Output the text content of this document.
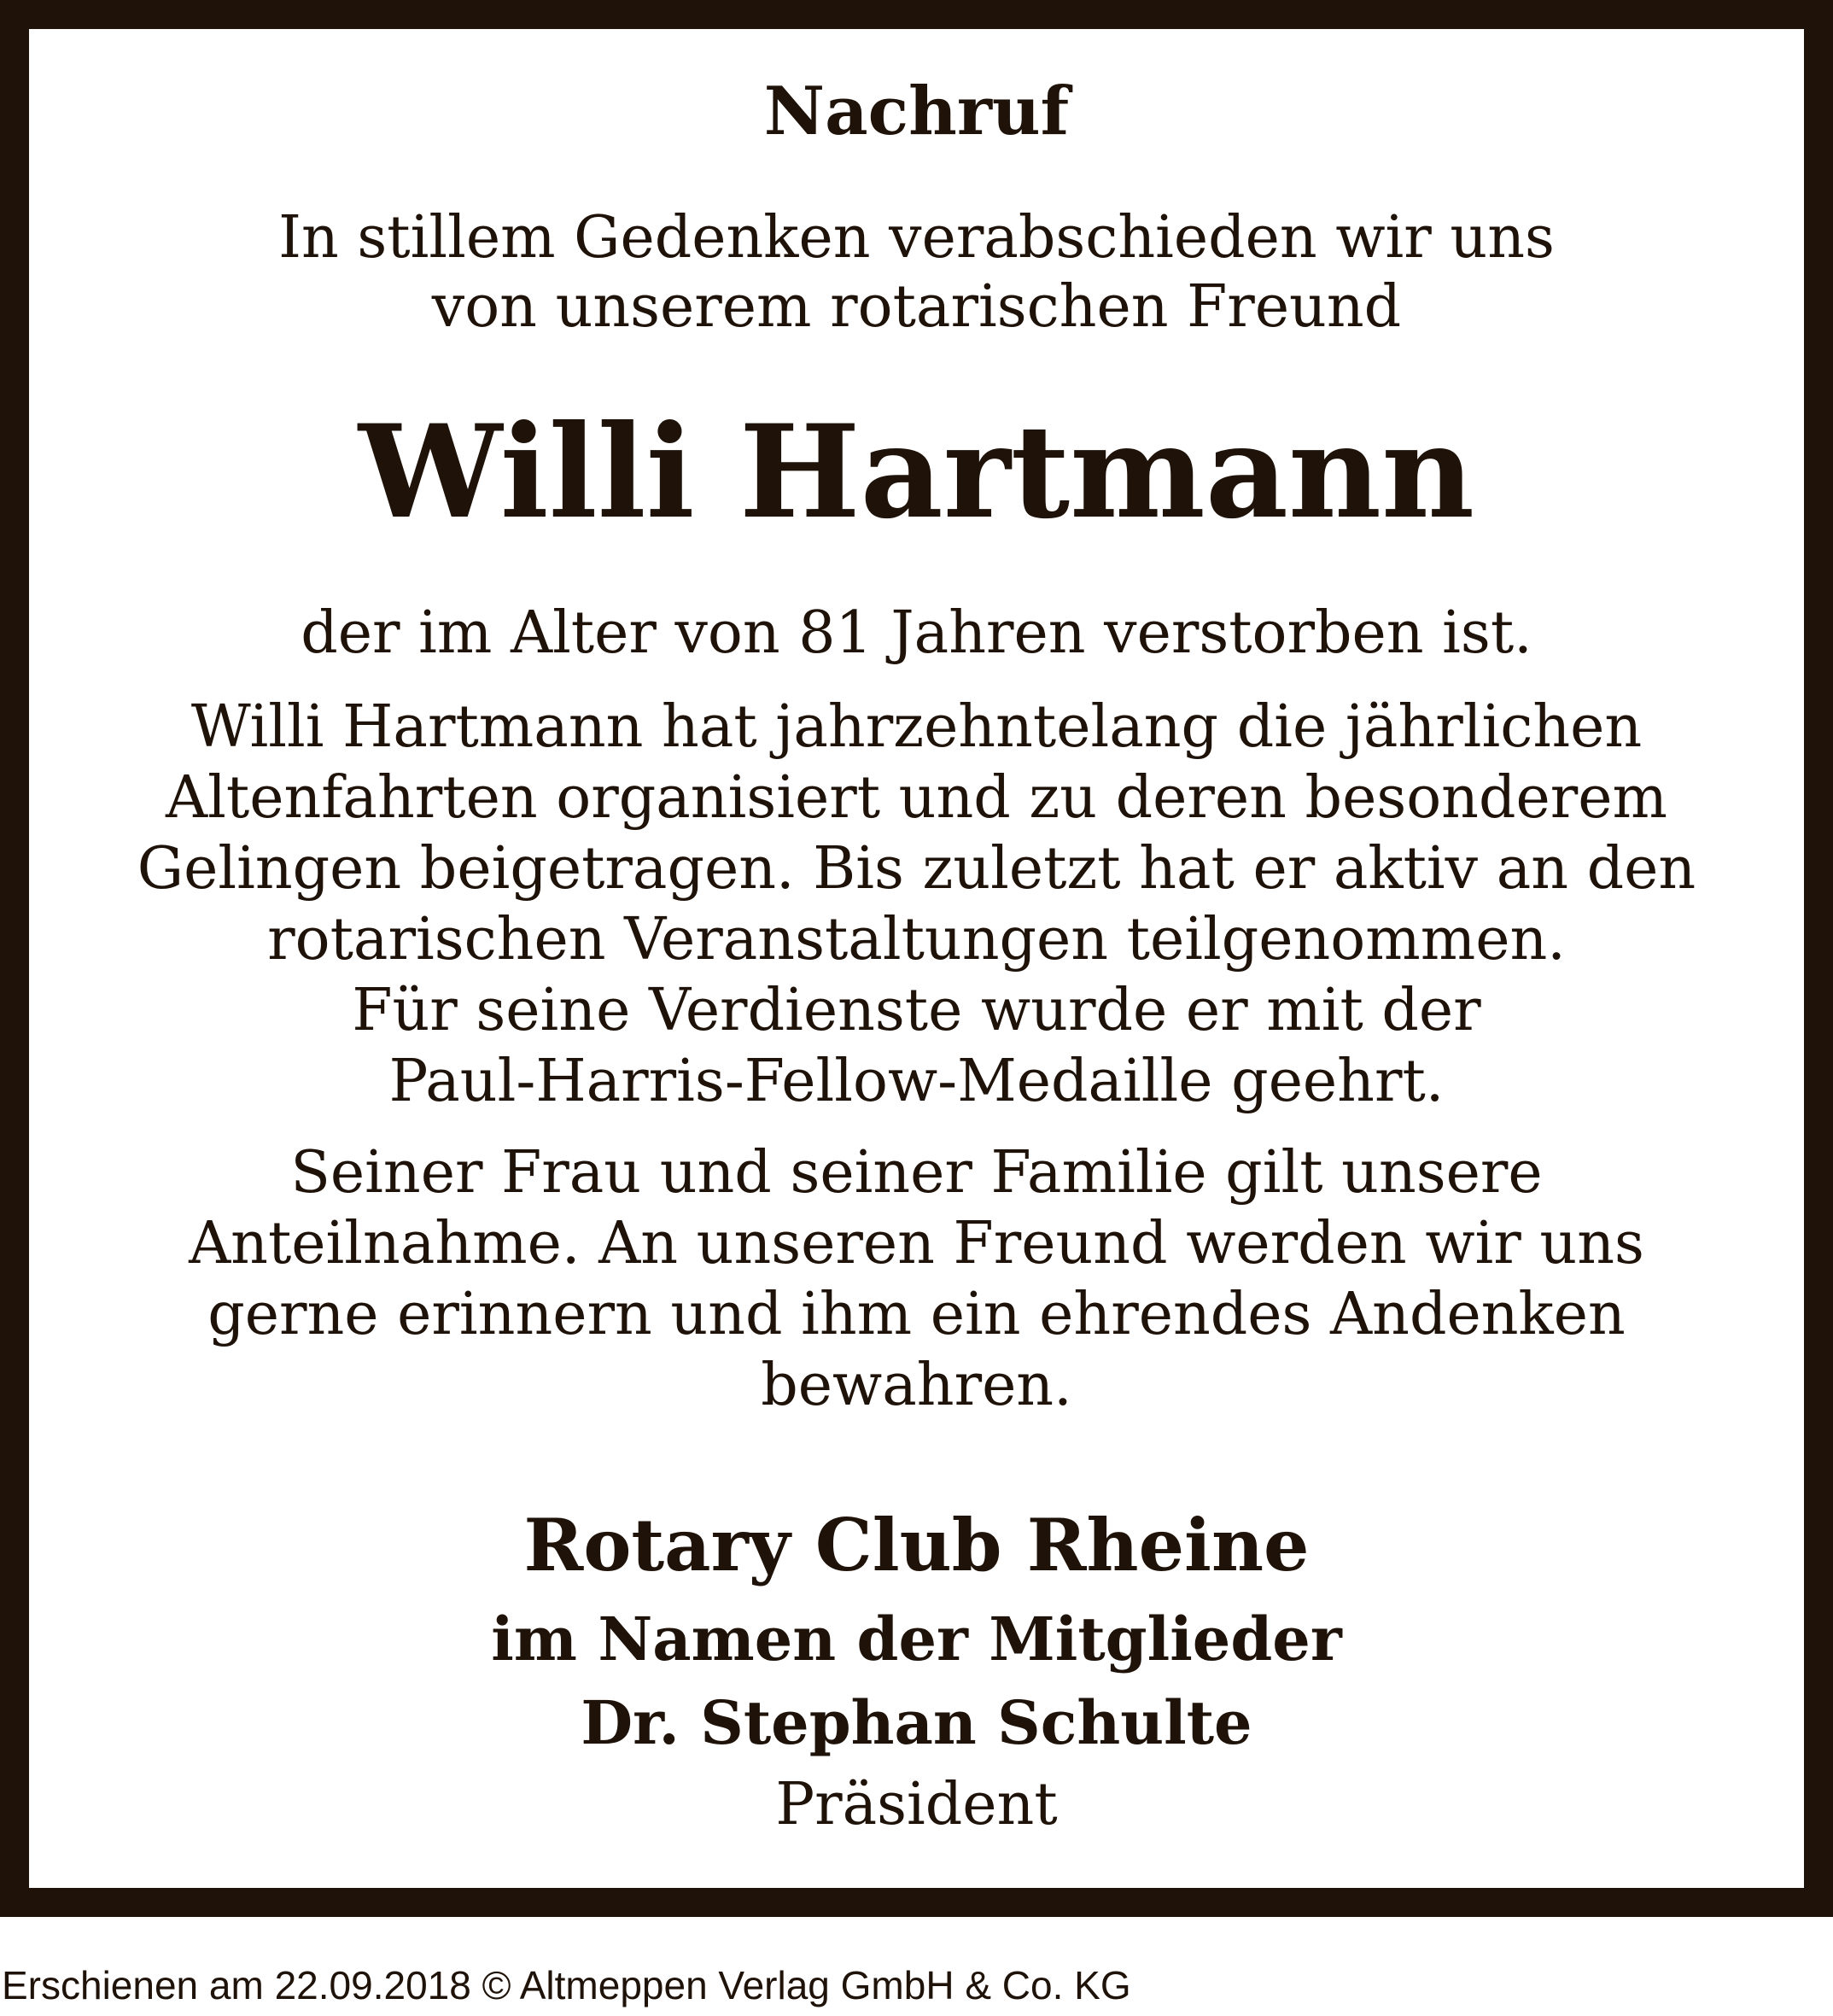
Nachruf
In stillem Gedenken verabschieden wir uns
von unserem rotarischen Freund
Willi Hartmann
der im Alter von 81 Jahren verstorben ist.
Willi Hartmann hat jahrzehntelang die jährlichen
Altenfahrten organisiert und zu deren besonderem
Gelingen beigetragen. Bis zuletzt hat er aktiv an den
rotarischen Veranstaltungen teilgenommen.
Für seine Verdienste wurde er mit der
Paul-Harris-Fellow-Medaille geehrt.
Seiner Frau und seiner Familie gilt unsere
Anteilnahme. An unseren Freund werden wir uns
gerne erinnern und ihm ein ehrendes Andenken
bewahren.
Rotary Club Rheine
im Namen der Mitglieder
Dr. Stephan Schulte
Präsident
Erschienen am 22.09.2018 © Altmeppen Verlag GmbH & Co. KG
